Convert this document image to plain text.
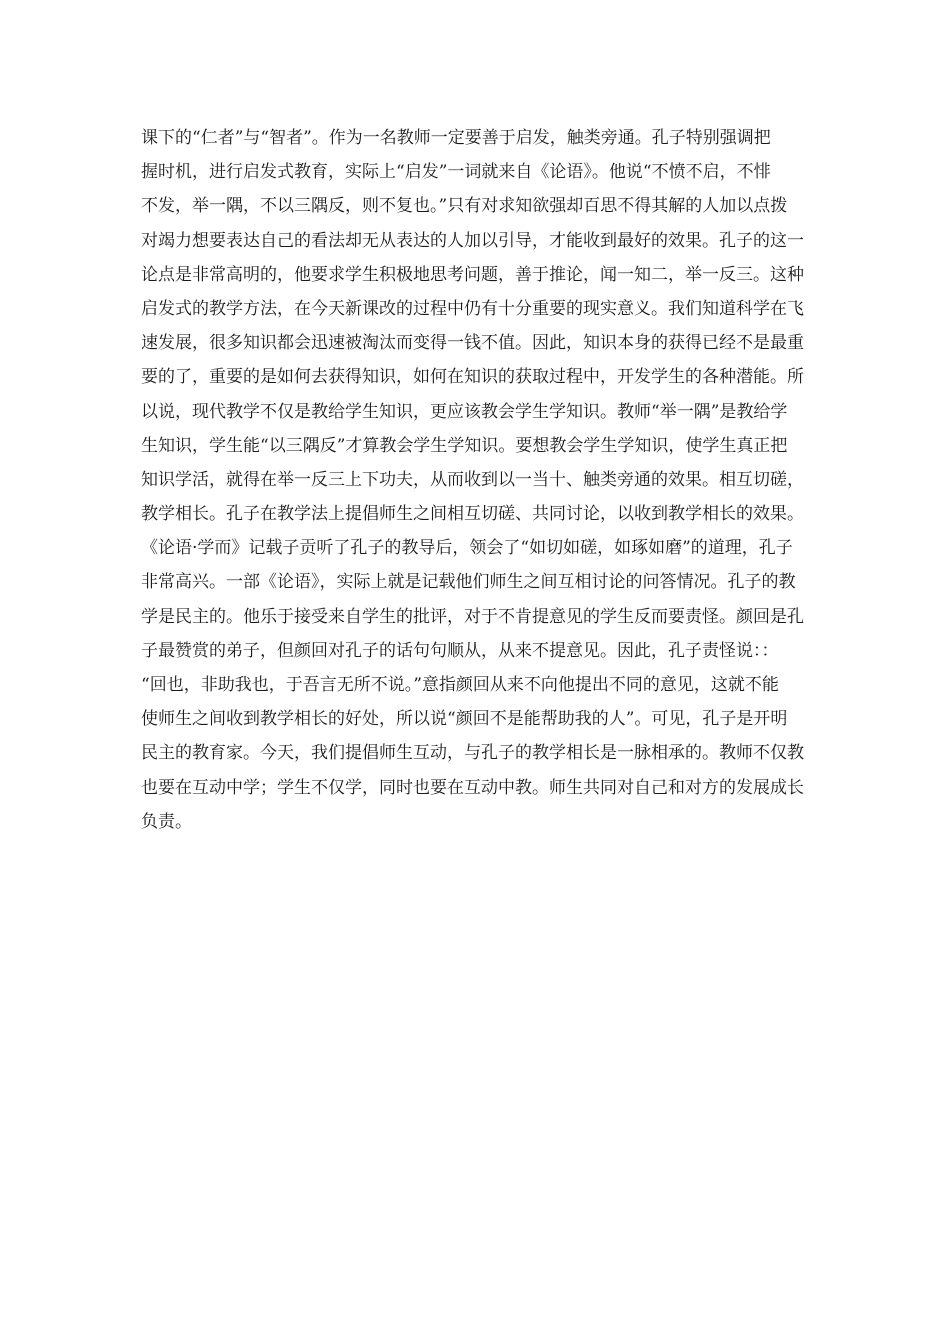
课下的“仁者”与“智者”。作为一名教师一定要善于启发，触类旁通。孔子特别强调把
握时机，进行启发式教育，实际上“启发”一词就来自《论语》。他说“不愤不启，不悱
不发，举一隅，不以三隅反，则不复也。”只有对求知欲强却百思不得其解的人加以点拨
对竭力想要表达自己的看法却无从表达的人加以引导，才能收到最好的效果。孔子的这一
论点是非常高明的，他要求学生积极地思考问题，善于推论，闻一知二，举一反三。这种
启发式的教学方法，在今天新课改的过程中仍有十分重要的现实意义。我们知道科学在飞
速发展，很多知识都会迅速被淘汰而变得一钱不值。因此，知识本身的获得已经不是最重
要的了，重要的是如何去获得知识，如何在知识的获取过程中，开发学生的各种潜能。所
以说，现代教学不仅是教给学生知识，更应该教会学生学知识。教师“举一隅”是教给学
生知识，学生能“以三隅反”才算教会学生学知识。要想教会学生学知识，使学生真正把
知识学活，就得在举一反三上下功夫，从而收到以一当十、触类旁通的效果。相互切磋，
教学相长。孔子在教学法上提倡师生之间相互切磋、共同讨论，以收到教学相长的效果。
《论语·学而》记载子贡听了孔子的教导后，领会了“如切如磋，如琢如磨”的道理，孔子
非常高兴。一部《论语》，实际上就是记载他们师生之间互相讨论的问答情况。孔子的教
学是民主的。他乐于接受来自学生的批评，对于不肯提意见的学生反而要责怪。颜回是孔
子最赞赏的弟子，但颜回对孔子的话句句顺从，从来不提意见。因此，孔子责怪说：：
“回也，非助我也，于吾言无所不说。”意指颜回从来不向他提出不同的意见，这就不能
使师生之间收到教学相长的好处，所以说“颜回不是能帮助我的人”。可见，孔子是开明
民主的教育家。今天，我们提倡师生互动，与孔子的教学相长是一脉相承的。教师不仅教
也要在互动中学；学生不仅学，同时也要在互动中教。师生共同对自己和对方的发展成长
负责。
